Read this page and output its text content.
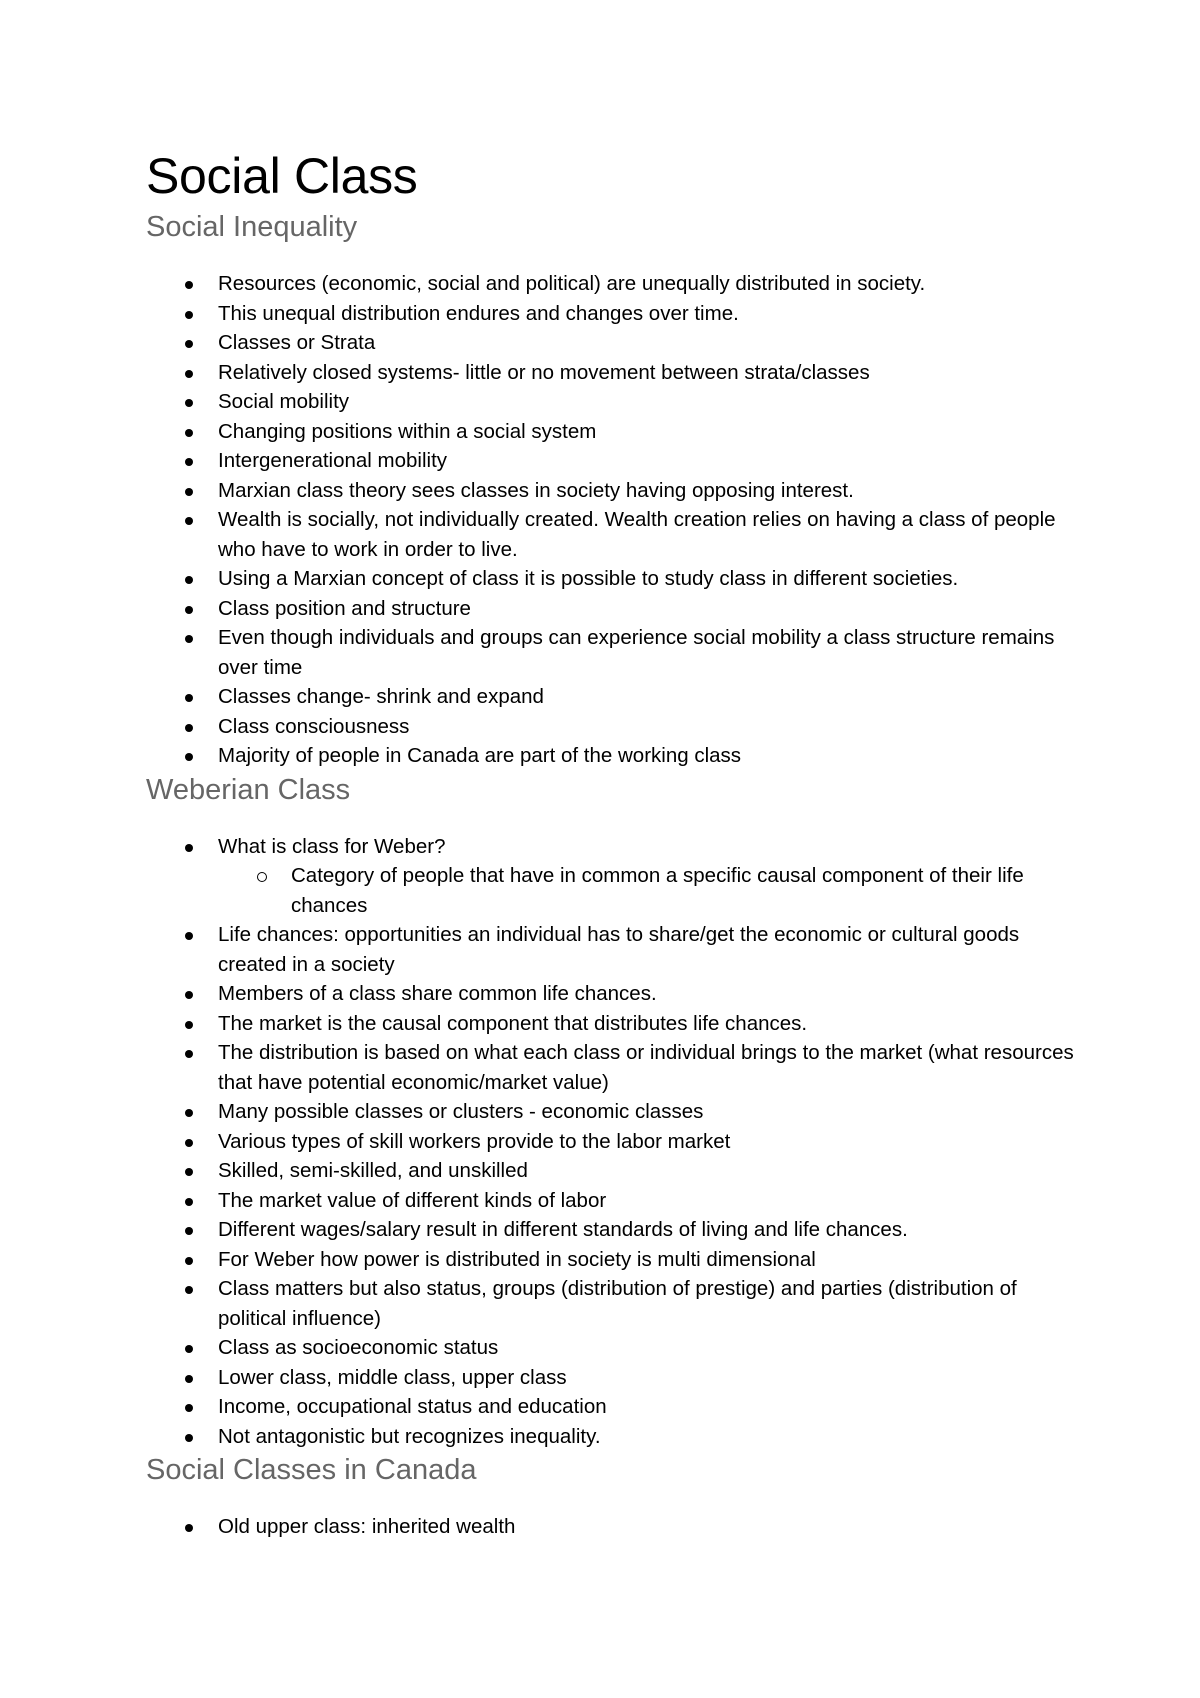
Social Class
Social Inequality
Resources (economic, social and political) are unequally distributed in society.
This unequal distribution endures and changes over time.
Classes or Strata
Relatively closed systems- little or no movement between strata/classes
Social mobility
Changing positions within a social system
Intergenerational mobility
Marxian class theory sees classes in society having opposing interest.
Wealth is socially, not individually created. Wealth creation relies on having a class of people who have to work in order to live.
Using a Marxian concept of class it is possible to study class in different societies.
Class position and structure
Even though individuals and groups can experience social mobility a class structure remains over time
Classes change- shrink and expand
Class consciousness
Majority of people in Canada are part of the working class
Weberian Class
What is class for Weber?
Category of people that have in common a specific causal component of their life chances
Life chances: opportunities an individual has to share/get the economic or cultural goods created in a society
Members of a class share common life chances.
The market is the causal component that distributes life chances.
The distribution is based on what each class or individual brings to the market (what resources that have potential economic/market value)
Many possible classes or clusters - economic classes
Various types of skill workers provide to the labor market
Skilled, semi-skilled, and unskilled
The market value of different kinds of labor
Different wages/salary result in different standards of living and life chances.
For Weber how power is distributed in society is multi dimensional
Class matters but also status, groups (distribution of prestige) and parties (distribution of political influence)
Class as socioeconomic status
Lower class, middle class, upper class
Income, occupational status and education
Not antagonistic but recognizes inequality.
Social Classes in Canada
Old upper class: inherited wealth
